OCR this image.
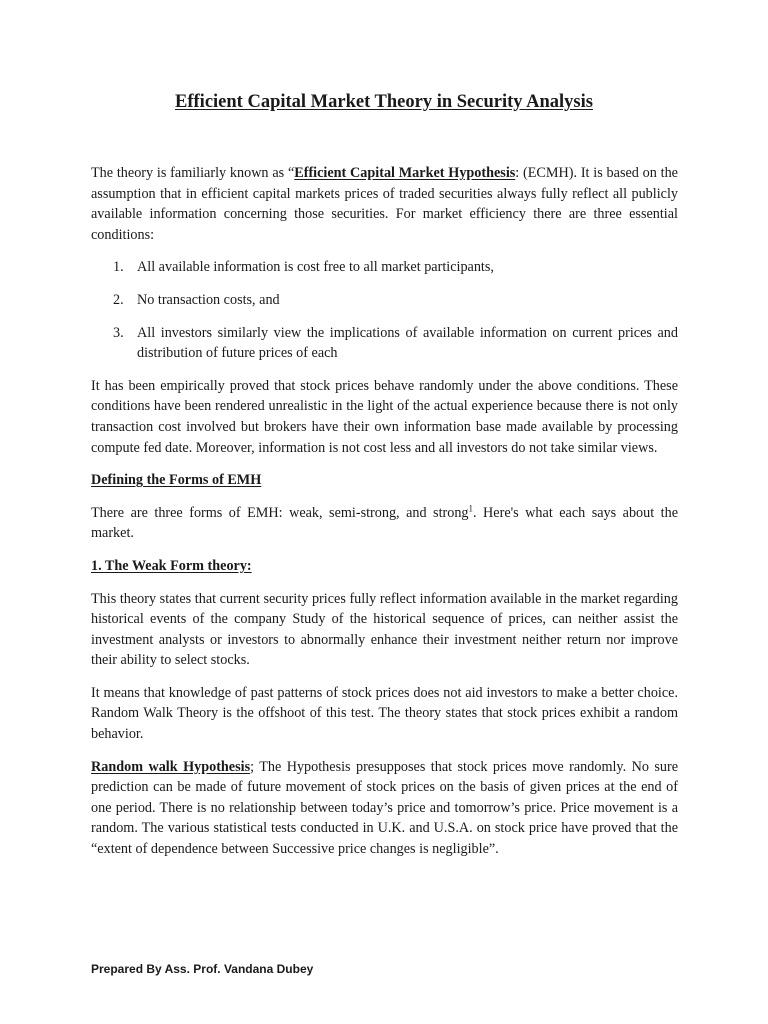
Efficient Capital Market Theory in Security Analysis

The theory is familiarly known as “Efficient Capital Market Hypothesis: (ECMH). It is based on the assumption that in efficient capital markets prices of traded securities always fully reflect all publicly available information concerning those securities. For market efficiency there are three essential conditions:

1. All available information is cost free to all market participants,
2. No transaction costs, and
3. All investors similarly view the implications of available information on current prices and distribution of future prices of each

It has been empirically proved that stock prices behave randomly under the above conditions. These conditions have been rendered unrealistic in the light of the actual experience because there is not only transaction cost involved but brokers have their own information base made available by processing compute fed date. Moreover, information is not cost less and all investors do not take similar views.

Defining the Forms of EMH

There are three forms of EMH: weak, semi-strong, and strong$^1$. Here's what each says about the market.

1. The Weak Form theory:

This theory states that current security prices fully reflect information available in the market regarding historical events of the company Study of the historical sequence of prices, can neither assist the investment analysts or investors to abnormally enhance their investment neither return nor improve their ability to select stocks.

It means that knowledge of past patterns of stock prices does not aid investors to make a better choice. Random Walk Theory is the offshoot of this test. The theory states that stock prices exhibit a random behavior.

Random walk Hypothesis; The Hypothesis presupposes that stock prices move randomly. No sure prediction can be made of future movement of stock prices on the basis of given prices at the end of one period. There is no relationship between today’s price and tomorrow’s price. Price movement is a random. The various statistical tests conducted in U.K. and U.S.A. on stock price have proved that the “extent of dependence between Successive price changes is negligible”.

Prepared By Ass. Prof. Vandana Dubey
